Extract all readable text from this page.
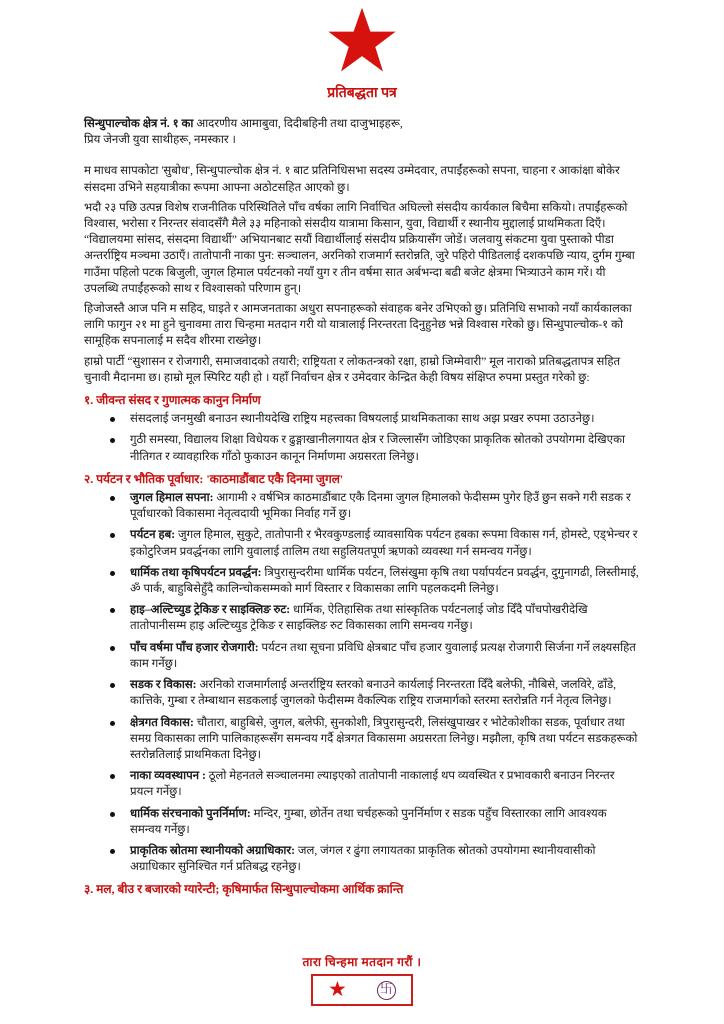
प्रतिबद्धता पत्र
सिन्धुपाल्चोक क्षेत्र नं. १ का आदरणीय आमाबुवा, दिदीबहिनी तथा दाजुभाइहरू,
प्रिय जेनजी युवा साथीहरू, नमस्कार ।

म माधव सापकोटा 'सुबोध', सिन्धुपाल्चोक क्षेत्र नं. १ बाट प्रतिनिधिसभा सदस्य उम्मेदवार, तपाईंहरूको सपना, चाहना र आकांक्षा बोकेर संसदमा उभिने सहयात्रीका रूपमा आफ्ना अठोटसहित आएको छु।

भदौ २३ पछि उत्पन्न विशेष राजनीतिक परिस्थितिले पाँच वर्षका लागि निर्वाचित अघिल्लो संसदीय कार्यकाल बिचैमा सकियो। तपाईंहरूको विश्वास, भरोसा र निरन्तर संवादसँगै मैले ३३ महिनाको संसदीय यात्रामा किसान, युवा, विद्यार्थी र स्थानीय मुद्दालाई प्राथमिकता दिएँ। “विद्यालयमा सांसद, संसदमा विद्यार्थी” अभियानबाट सयौं विद्यार्थीलाई संसदीय प्रक्रियासँग जोडें। जलवायु संकटमा युवा पुस्ताको पीडा अन्तर्राष्ट्रिय मञ्चमा उठाएँ। तातोपानी नाका पुन: सञ्चालन, अरनिको राजमार्ग स्तरोन्नति, जुरे पहिरो पीडितलाई दशकपछि न्याय, दुर्गम गुम्बा गाउँमा पहिलो पटक बिजुली, जुगल हिमाल पर्यटनको नयाँ युग र तीन वर्षमा सात अर्बभन्दा बढी बजेट क्षेत्रमा भित्र्याउने काम गरें। यी उपलब्धि तपाईंहरूको साथ र विश्वासको परिणाम हुन्।

हिजोजस्तै आज पनि म सहिद, घाइते र आमजनताका अधुरा सपनाहरूको संवाहक बनेर उभिएको छु। प्रतिनिधि सभाको नयाँ कार्यकालका लागि फागुन २१ मा हुने चुनावमा तारा चिन्हमा मतदान गरी यो यात्रालाई निरन्तरता दिनुहुनेछ भन्ने विश्वास गरेको छु। सिन्धुपाल्चोक-१ को सामूहिक सपनालाई म सदैव शीरमा राख्नेछु।

हाम्रो पार्टी “सुशासन र रोजगारी, समाजवादको तयारी; राष्ट्रियता र लोकतन्त्रको रक्षा, हाम्रो जिम्मेवारी” मूल नाराको प्रतिबद्धतापत्र सहित चुनावी मैदानमा छ। हाम्रो मूल स्पिरिट यही हो । यहाँ निर्वाचन क्षेत्र र उमेदवार केन्द्रित केही विषय संक्षिप्त रुपमा प्रस्तुत गरेको छु:

१. जीवन्त संसद र गुणात्मक कानुन निर्माण
संसदलाई जनमुखी बनाउन स्थानीयदेखि राष्ट्रिय महत्त्वका विषयलाई प्राथमिकताका साथ अझ प्रखर रुपमा उठाउनेछु।
गुठी समस्या, विद्यालय शिक्षा विधेयक र ढुङ्गाखानीलगायत क्षेत्र र जिल्लासँग जोडिएका प्राकृतिक स्रोतको उपयोगमा देखिएका नीतिगत र व्यावहारिक गाँठो फुकाउन कानून निर्माणमा अग्रसरता लिनेछु।
२. पर्यटन र भौतिक पूर्वाधार: 'काठमाडौंबाट एकै दिनमा जुगल'
जुगल हिमाल सपना: आगामी २ वर्षभित्र काठमाडौंबाट एकै दिनमा जुगल हिमालको फेदीसम्म पुगेर हिउँ छुन सक्ने गरी सडक र पूर्वाधारको विकासमा नेतृत्वदायी भूमिका निर्वाह गर्ने छु।
पर्यटन हब: जुगल हिमाल, सुकुटे, तातोपानी र भैरवकुण्डलाई व्यावसायिक पर्यटन हबका रूपमा विकास गर्न, होमस्टे, एड्भेन्चर र इकोटुरिजम प्रवर्द्धनका लागि युवालाई तालिम तथा सहुलियतपूर्ण ऋणको व्यवस्था गर्न समन्वय गर्नेछु।
धार्मिक तथा कृषिपर्यटन प्रवर्द्धन: त्रिपुरासुन्दरीमा धार्मिक पर्यटन, लिसंखुमा कृषि तथा पर्यापर्यटन प्रवर्द्धन, दुगुनागढी, लिस्तीमाई, ॐ पार्क, बाहुबिसेहुँदै कालिन्चोकसम्मको मार्ग विस्तार र विकासका लागि पहलकदमी लिनेछु।
हाइ–अल्टिच्युड ट्रेकिङ र साइक्लिङ रुट: धार्मिक, ऐतिहासिक तथा सांस्कृतिक पर्यटनलाई जोड दिँदै पाँचपोखरीदेखि तातोपानीसम्म हाइ अल्टिच्युड ट्रेकिङ र साइक्लिङ रुट विकासका लागि समन्वय गर्नेछु।
पाँच वर्षमा पाँच हजार रोजगारी: पर्यटन तथा सूचना प्रविधि क्षेत्रबाट पाँच हजार युवालाई प्रत्यक्ष रोजगारी सिर्जना गर्ने लक्ष्यसहित काम गर्नेछु।
सडक र विकास: अरनिको राजमार्गलाई अन्तर्राष्ट्रिय स्तरको बनाउने कार्यलाई निरन्तरता दिँदै बलेफी, नौबिसे, जलविरे, ढाँडे, कात्तिके, गुम्बा र तेम्बाथान सडकलाई जुगलको फेदीसम्म वैकल्पिक राष्ट्रिय राजमार्गको स्तरमा स्तरोन्नति गर्न नेतृत्व लिनेछु।
क्षेत्रगत विकास: चौतारा, बाहुबिसे, जुगल, बलेफी, सुनकोशी, त्रिपुरासुन्दरी, लिसंखुपाखर र भोटेकोशीका सडक, पूर्वाधार तथा समग्र विकासका लागि पालिकाहरूसँग समन्वय गर्दै क्षेत्रगत विकासमा अग्रसरता लिनेछु। मझौला, कृषि तथा पर्यटन सडकहरूको स्तरोन्नतिलाई प्राथमिकता दिनेछु।
नाका व्यवस्थापन : ठूलो मेहनतले सञ्चालनमा ल्याइएको तातोपानी नाकालाई थप व्यवस्थित र प्रभावकारी बनाउन निरन्तर प्रयत्न गर्नेछु।
धार्मिक संरचनाको पुनर्निर्माण: मन्दिर, गुम्बा, छोर्तेन तथा चर्चहरूको पुनर्निर्माण र सडक पहुँच विस्तारका लागि आवश्यक समन्वय गर्नेछु।
प्राकृतिक स्रोतमा स्थानीयको अग्राधिकार: जल, जंगल र ढुंगा लगायतका प्राकृतिक स्रोतको उपयोगमा स्थानीयवासीको अग्राधिकार सुनिश्चित गर्न प्रतिबद्ध रहनेछु।
३. मल, बीउ र बजारको ग्यारेन्टी; कृषिमार्फत सिन्धुपाल्चोकमा आर्थिक क्रान्ति
तारा चिन्हमा मतदान गरौं ।
★	卐
